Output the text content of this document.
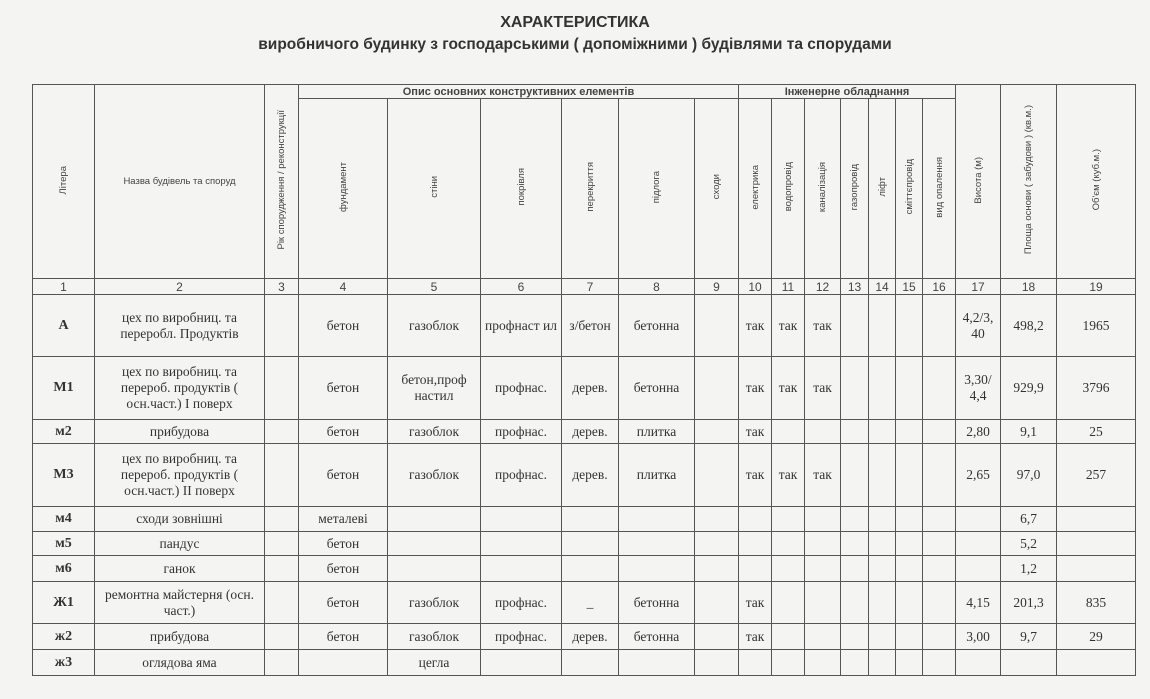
ХАРАКТЕРИСТИКА
виробничого будинку з господарськими ( допоміжними ) будівлями та спорудами
Літера	Назва будівель та споруд	Рік спорудження / реконструкції	Опис основних конструктивних елементів						Інженерне обладнання							Висота (м)	Площа основи ( забудови ) (кв.м.)	Об'єм (куб.м.)
			фундамент	стіни	покрівля	перекриття	підлога	сходи	електрика	водопровід	каналізація	газопровід	ліфт	сміттєпровід	вид опалення			
1	2	3	4	5	6	7	8	9	10	11	12	13	14	15	16	17	18	19
А	цех по виробниц. та переробл. Продуктів		бетон	газоблок	профнаст ил	з/бетон	бетонна		так	так	так					4,2/3, 40	498,2	1965
М1	цех по виробниц. та перероб. продуктів ( осн.част.) І поверх		бетон	бетон,проф настил	профнас.	дерев.	бетонна		так	так	так					3,30/ 4,4	929,9	3796
м2	прибудова		бетон	газоблок	профнас.	дерев.	плитка		так							2,80	9,1	25
М3	цех по виробниц. та перероб. продуктів ( осн.част.) ІІ поверх		бетон	газоблок	профнас.	дерев.	плитка		так	так	так					2,65	97,0	257
м4	сходи зовнішні		металеві														6,7	
м5	пандус		бетон														5,2	
м6	ганок		бетон														1,2	
Ж1	ремонтна майстерня (осн. част.)		бетон	газоблок	профнас.	_	бетонна		так							4,15	201,3	835
ж2	прибудова		бетон	газоблок	профнас.	дерев.	бетонна		так							3,00	9,7	29
ж3	оглядова яма			цегла														
